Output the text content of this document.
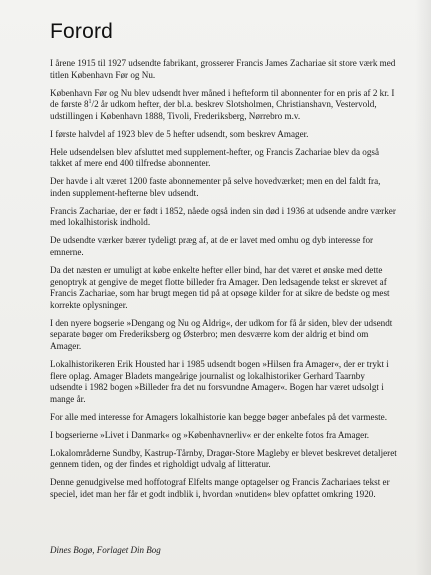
Forord

I årene 1915 til 1927 udsendte fabrikant, grosserer Francis James Zachariae sit store værk med titlen København Før og Nu.

København Før og Nu blev udsendt hver måned i hefteform til abonnenter for en pris af 2 kr. I de første $8^1/2$ år udkom hefter, der bl.a. beskrev Slotsholmen, Christianshavn, Vestervold, udstillingen i København 1888, Tivoli, Frederiksberg, Nørrebro m.v.

I første halvdel af 1923 blev de 5 hefter udsendt, som beskrev Amager.

Hele udsendelsen blev afsluttet med supplement-hefter, og Francis Zachariae blev da også takket af mere end 400 tilfredse abonnenter.

Der havde i alt været 1200 faste abonnementer på selve hovedværket; men en del faldt fra, inden supplement-hefterne blev udsendt.

Francis Zachariae, der er født i 1852, nåede også inden sin død i 1936 at udsende andre værker med lokalhistorisk indhold.

De udsendte værker bærer tydeligt præg af, at de er lavet med omhu og dyb interesse for emnerne.

Da det næsten er umuligt at købe enkelte hefter eller bind, har det været et ønske med dette genoptryk at gengive de meget flotte billeder fra Amager. Den ledsagende tekst er skrevet af Francis Zachariae, som har brugt megen tid på at opsøge kilder for at sikre de bedste og mest korrekte oplysninger.

I den nyere bogserie »Dengang og Nu og Aldrig«, der udkom for få år siden, blev der udsendt separate bøger om Frederiksberg og Østerbro; men desværre kom der aldrig et bind om Amager.

Lokalhistorikeren Erik Housted har i 1985 udsendt bogen »Hilsen fra Amager«, der er trykt i flere oplag. Amager Bladets mangeårige journalist og lokalhistoriker Gerhard Taarnby udsendte i 1982 bogen »Billeder fra det nu forsvundne Amager«. Bogen har været udsolgt i mange år.

For alle med interesse for Amagers lokalhistorie kan begge bøger anbefales på det varmeste.

I bogserierne »Livet i Danmark« og »Københavnerliv« er der enkelte fotos fra Amager.

Lokalområderne Sundby, Kastrup-Tårnby, Dragør-Store Magleby er blevet beskrevet detaljeret gennem tiden, og der findes et righoldigt udvalg af litteratur.

Denne genudgivelse med hoffotograf Elfelts mange optagelser og Francis Zachariaes tekst er speciel, idet man her får et godt indblik i, hvordan »nutiden« blev opfattet omkring 1920.

Dines Bogø, Forlaget Din Bog
